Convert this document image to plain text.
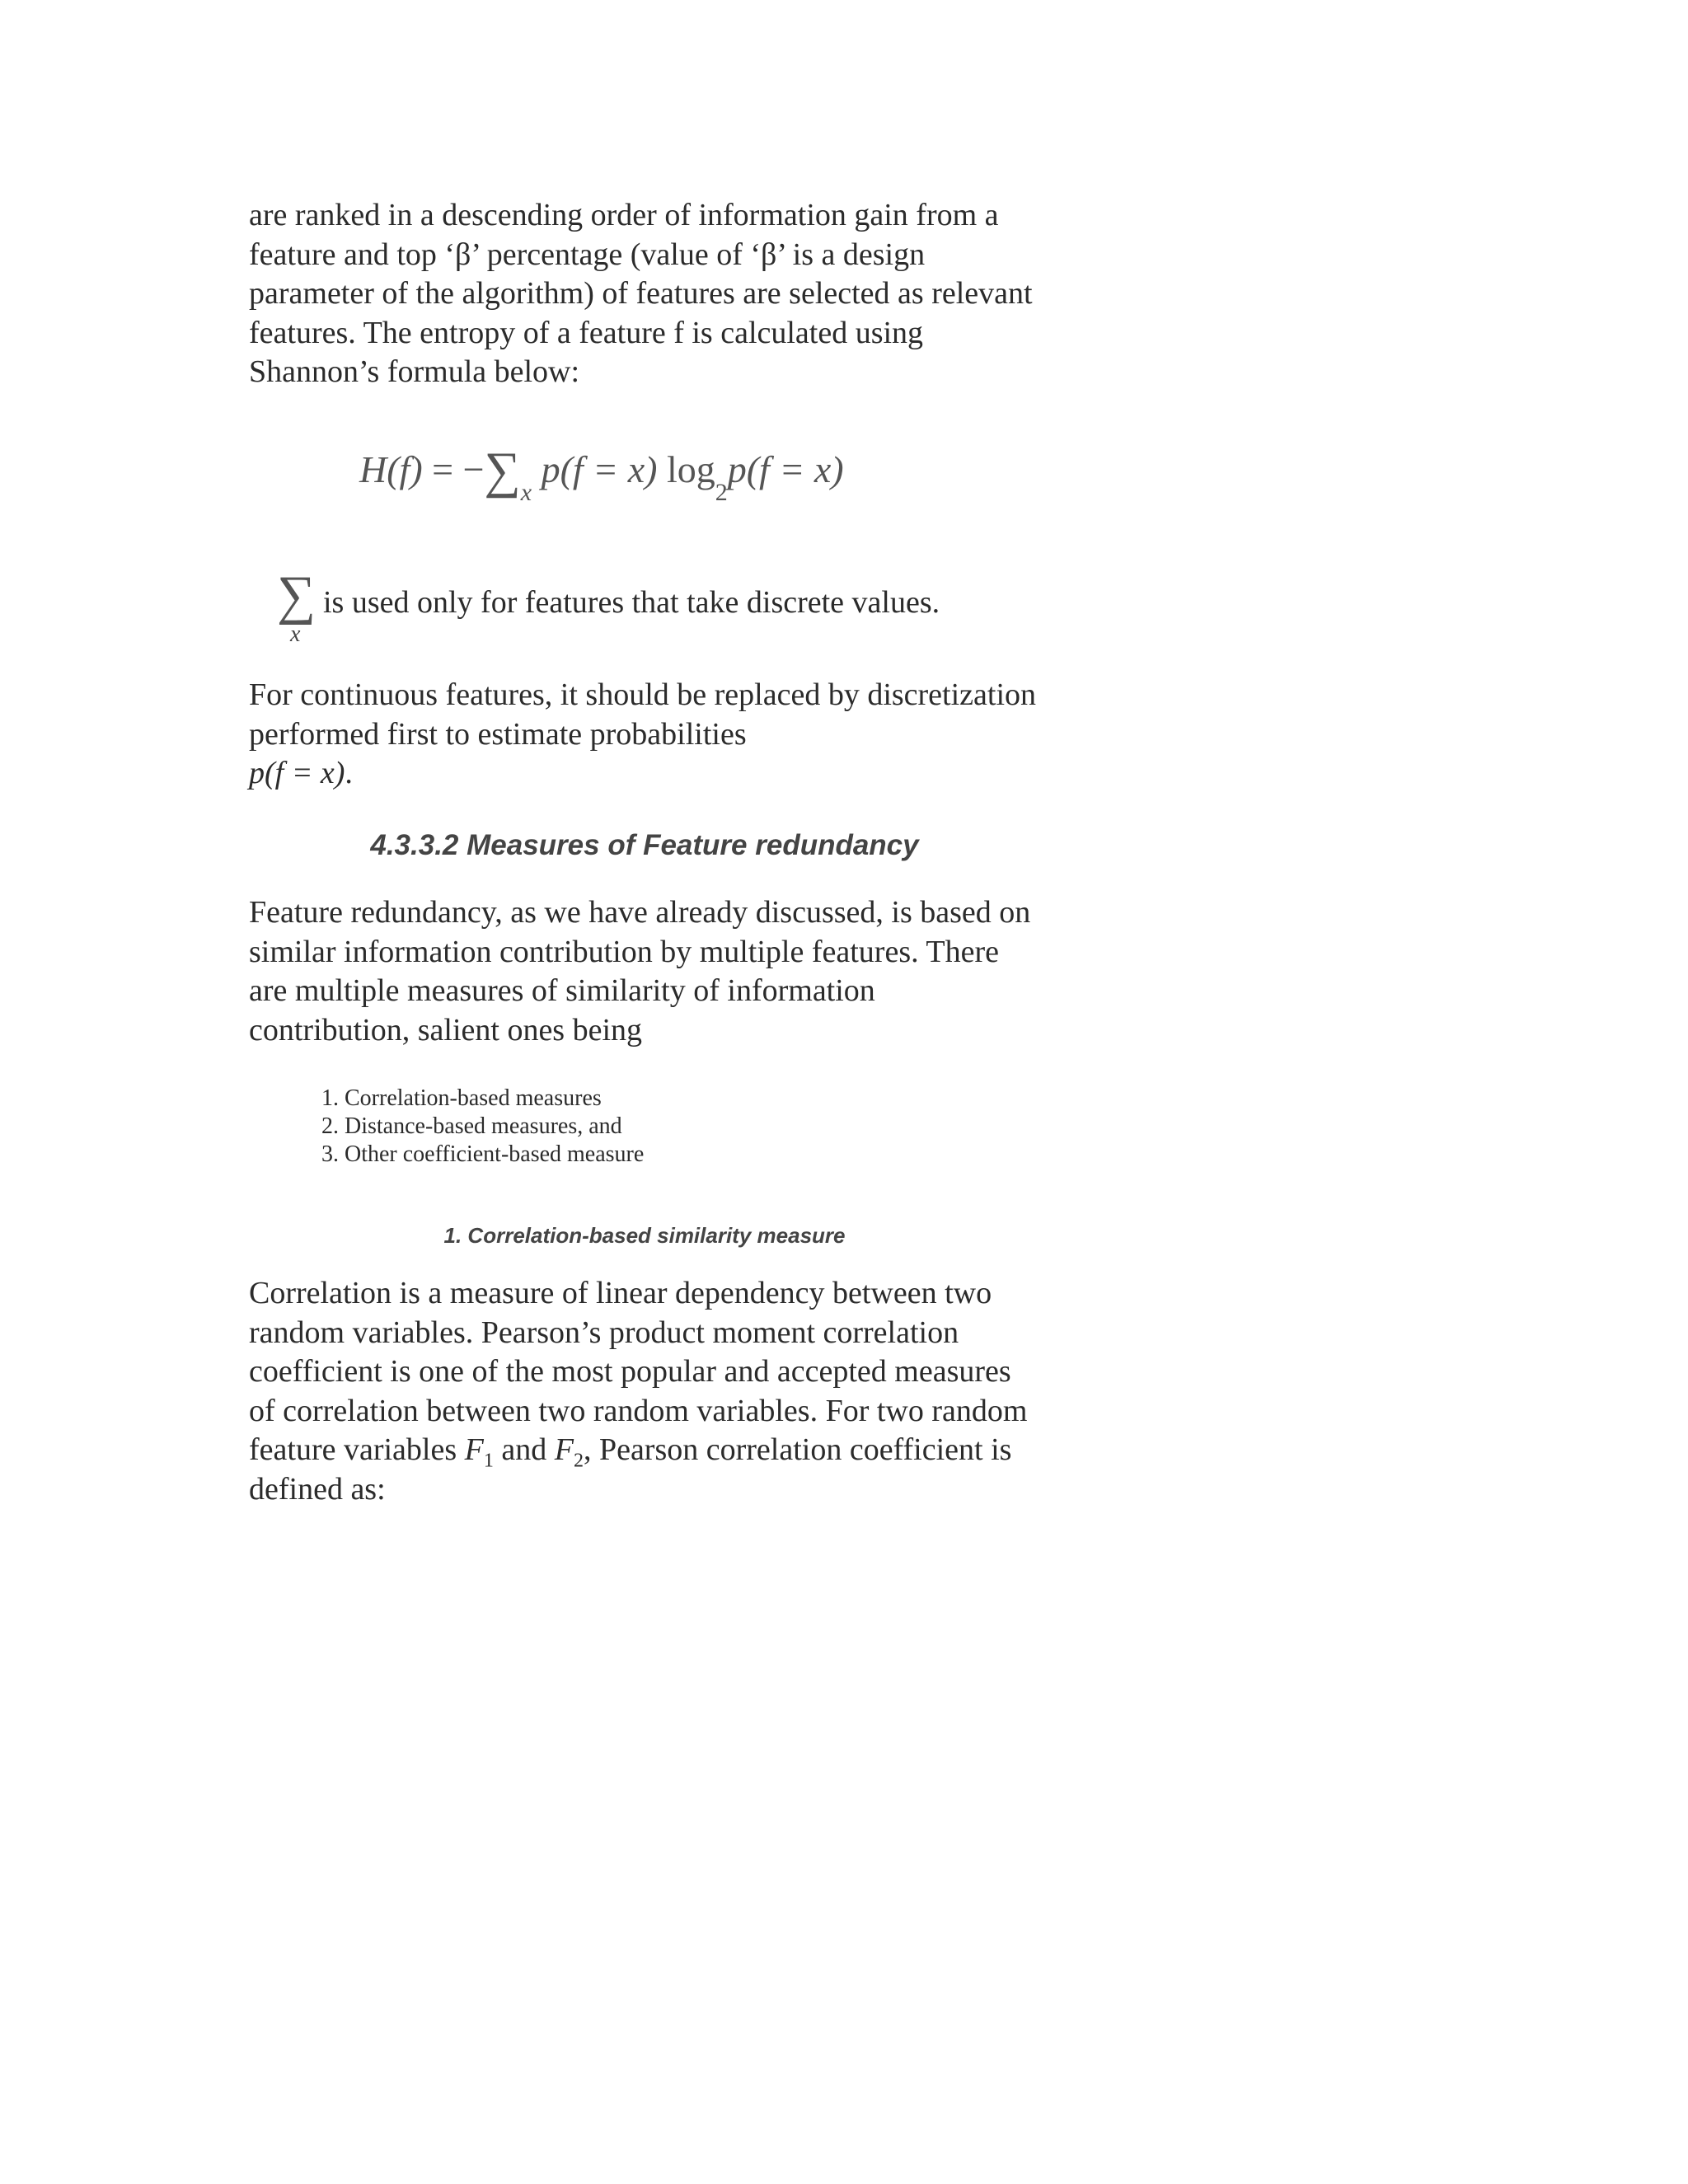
are ranked in a descending order of information gain from a feature and top ‘β’ percentage (value of ‘β’ is a design parameter of the algorithm) of features are selected as relevant features. The entropy of a feature f is calculated using Shannon’s formula below:

$H(f) = -\sum_x$ p(f = x) $\log_2p(f = x)$
∑
x
is used only for features that take discrete values.

For continuous features, it should be replaced by discretization performed first to estimate probabilities
p(f = x).

4.3.3.2 Measures of Feature redundancy

Feature redundancy, as we have already discussed, is based on similar information contribution by multiple features. There are multiple measures of similarity of information contribution, salient ones being

1. Correlation-based measures
2. Distance-based measures, and
3. Other coefficient-based measure
1. Correlation-based similarity measure

Correlation is a measure of linear dependency between two random variables. Pearson’s product moment correlation coefficient is one of the most popular and accepted measures of correlation between two random variables. For two random feature variables $F_1$ and $F_2$, Pearson correlation coefficient is defined as:
